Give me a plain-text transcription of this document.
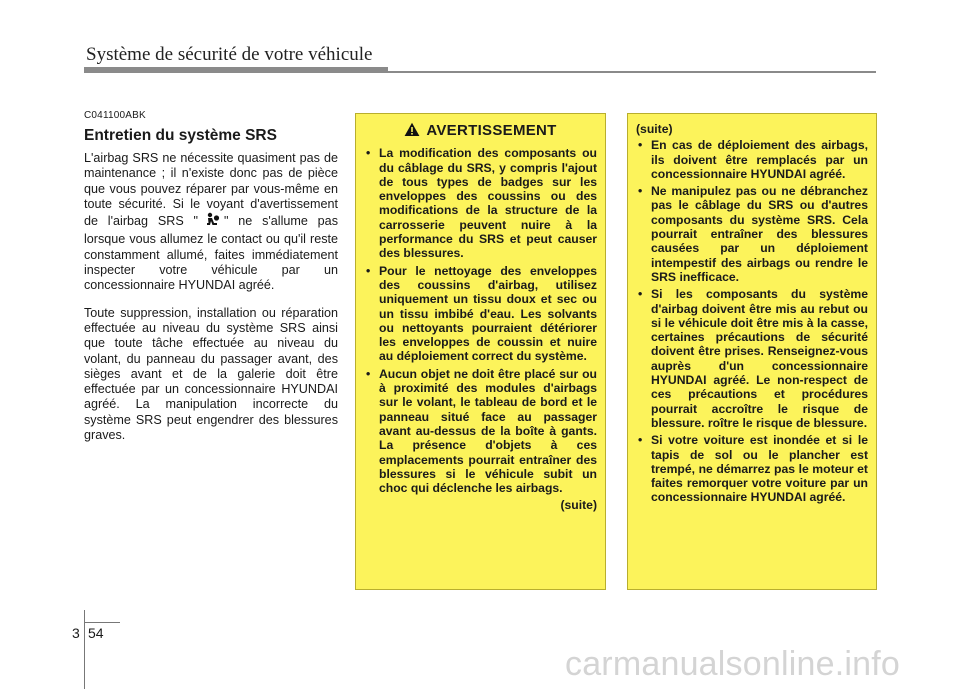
Système de sécurité de votre véhicule
C041100ABK
Entretien du système SRS

L'airbag SRS ne nécessite quasiment pas de maintenance ; il n'existe donc pas de pièce que vous pouvez réparer par vous-même en toute sécurité. Si le voyant d'avertissement de l'airbag SRS " " ne s'allume pas lorsque vous allumez le contact ou qu'il reste constamment allumé, faites immédiatement inspecter votre véhicule par un concessionnaire HYUNDAI agréé.

Toute suppression, installation ou réparation effectuée au niveau du système SRS ainsi que toute tâche effectuée au niveau du volant, du panneau du passager avant, des sièges avant et de la galerie doit être effectuée par un concessionnaire HYUNDAI agréé. La manipulation incorrecte du système SRS peut engendrer des blessures graves.

AVERTISSEMENT
• La modification des composants ou du câblage du SRS, y compris l'ajout de tous types de badges sur les enveloppes des coussins ou des modifications de la structure de la carrosserie peuvent nuire à la performance du SRS et peut causer des blessures.
• Pour le nettoyage des enveloppes des coussins d'airbag, utilisez uniquement un tissu doux et sec ou un tissu imbibé d'eau. Les solvants ou nettoyants pourraient détériorer les enveloppes de coussin et nuire au déploiement correct du système.
• Aucun objet ne doit être placé sur ou à proximité des modules d'airbags sur le volant, le tableau de bord et le panneau situé face au passager avant au-dessus de la boîte à gants. La présence d'objets à ces emplacements pourrait entraîner des blessures si le véhicule subit un choc qui déclenche les airbags.
(suite)
(suite)
• En cas de déploiement des airbags, ils doivent être remplacés par un concessionnaire HYUNDAI agréé.
• Ne manipulez pas ou ne débranchez pas le câblage du SRS ou d'autres composants du système SRS. Cela pourrait entraîner des blessures causées par un déploiement intempestif des airbags ou rendre le SRS inefficace.
• Si les composants du système d'airbag doivent être mis au rebut ou si le véhicule doit être mis à la casse, certaines précautions de sécurité doivent être prises. Renseignez-vous auprès d'un concessionnaire HYUNDAI agréé. Le non-respect de ces précautions et procédures pourrait accroître le risque de blessure. roître le risque de blessure.
• Si votre voiture est inondée et si le tapis de sol ou le plancher est trempé, ne démarrez pas le moteur et faites remorquer votre voiture par un concessionnaire HYUNDAI agréé.
3 54
carmanualsonline.info
